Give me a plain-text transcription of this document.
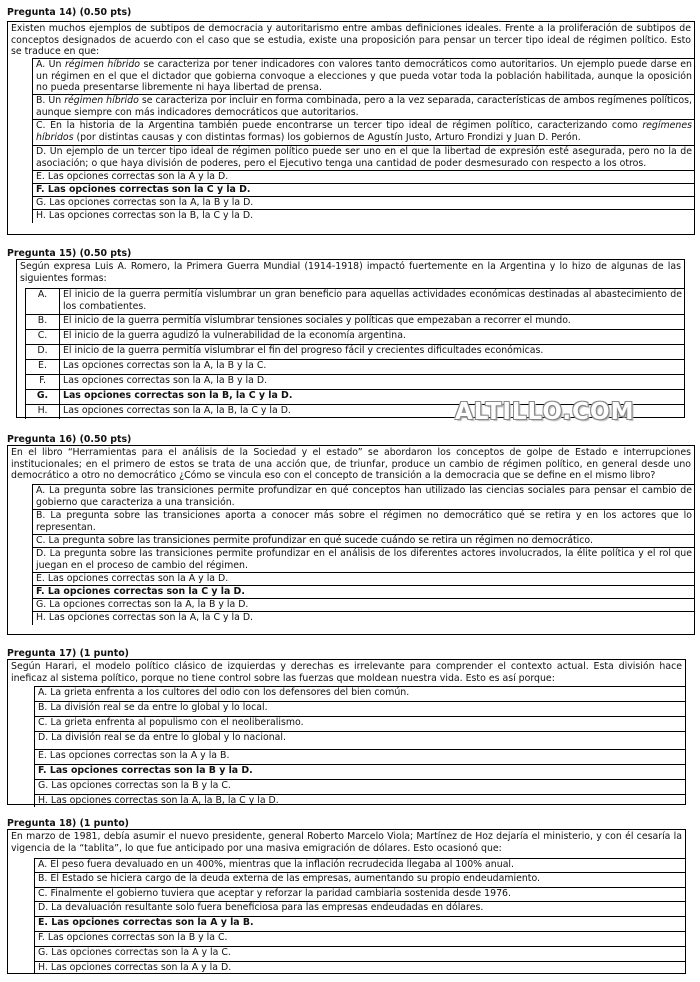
Pregunta 14) (0.50 pts)
Existen muchos ejemplos de subtipos de democracia y autoritarismo entre ambas definiciones ideales. Frente a la proliferación de subtipos de conceptos designados de acuerdo con el caso que se estudia, existe una proposición para pensar un tercer tipo ideal de régimen político. Esto se traduce en que:
A. Un régimen híbrido se caracteriza por tener indicadores con valores tanto democráticos como autoritarios. Un ejemplo puede darse en un régimen en el que el dictador que gobierna convoque a elecciones y que pueda votar toda la población habilitada, aunque la oposición no pueda presentarse libremente ni haya libertad de prensa.
B. Un régimen híbrido se caracteriza por incluir en forma combinada, pero a la vez separada, características de ambos regímenes políticos, aunque siempre con más indicadores democráticos que autoritarios.
C. En la historia de la Argentina también puede encontrarse un tercer tipo ideal de régimen político, caracterizando como regímenes híbridos (por distintas causas y con distintas formas) los gobiernos de Agustín Justo, Arturo Frondizi y Juan D. Perón.
D. Un ejemplo de un tercer tipo ideal de régimen político puede ser uno en el que la libertad de expresión esté asegurada, pero no la de asociación; o que haya división de poderes, pero el Ejecutivo tenga una cantidad de poder desmesurado con respecto a los otros.
E. Las opciones correctas son la A y la D.
F. Las opciones correctas son la C y la D.
G. Las opciones correctas son la A, la B y la D.
H. Las opciones correctas son la B, la C y la D.
Pregunta 15) (0.50 pts)
Según expresa Luis A. Romero, la Primera Guerra Mundial (1914-1918) impactó fuertemente en la Argentina y lo hizo de algunas de las siguientes formas:
A.	El inicio de la guerra permitía vislumbrar un gran beneficio para aquellas actividades económicas destinadas al abastecimiento de los combatientes.
B.	El inicio de la guerra permitía vislumbrar tensiones sociales y políticas que empezaban a recorrer el mundo.
C.	El inicio de la guerra agudizó la vulnerabilidad de la economía argentina.
D.	El inicio de la guerra permitía vislumbrar el fin del progreso fácil y crecientes dificultades económicas.
E.	Las opciones correctas son la A, la B y la C.
F.	Las opciones correctas son la A, la B y la D.
G.	Las opciones correctas son la B, la C y la D.
H.	Las opciones correctas son la A, la B, la C y la D.	ALTILLO.COM
Pregunta 16) (0.50 pts)
En el libro “Herramientas para el análisis de la Sociedad y el estado” se abordaron los conceptos de golpe de Estado e interrupciones institucionales; en el primero de estos se trata de una acción que, de triunfar, produce un cambio de régimen político, en general desde uno democrático a otro no democrático ¿Cómo se vincula eso con el concepto de transición a la democracia que se define en el mismo libro?
A. La pregunta sobre las transiciones permite profundizar en qué conceptos han utilizado las ciencias sociales para pensar el cambio de gobierno que caracteriza a una transición.
B. La pregunta sobre las transiciones aporta a conocer más sobre el régimen no democrático qué se retira y en los actores que lo representan.
C. La pregunta sobre las transiciones permite profundizar en qué sucede cuándo se retira un régimen no democrático.
D. La pregunta sobre las transiciones permite profundizar en el análisis de los diferentes actores involucrados, la élite política y el rol que juegan en el proceso de cambio del régimen.
E. Las opciones correctas son la A y la D.
F. La opciones correctas son la C y la D.
G. La opciones correctas son la A, la B y la D.
H. Las opciones correctas son la A, la C y la D.
Pregunta 17) (1 punto)
Según Harari, el modelo político clásico de izquierdas y derechas es irrelevante para comprender el contexto actual. Esta división hace ineficaz al sistema político, porque no tiene control sobre las fuerzas que moldean nuestra vida. Esto es así porque:
A. La grieta enfrenta a los cultores del odio con los defensores del bien común.
B. La división real se da entre lo global y lo local.
C. La grieta enfrenta al populismo con el neoliberalismo.
D. La división real se da entre lo global y lo nacional.
E. Las opciones correctas son la A y la B.
F. Las opciones correctas son la B y la D.
G. Las opciones correctas son la B y la C.
H. Las opciones correctas son la A, la B, la C y la D.
Pregunta 18) (1 punto)
En marzo de 1981, debía asumir el nuevo presidente, general Roberto Marcelo Viola; Martínez de Hoz dejaría el ministerio, y con él cesaría la vigencia de la “tablita”, lo que fue anticipado por una masiva emigración de dólares. Esto ocasionó que:
A. El peso fuera devaluado en un 400%, mientras que la inflación recrudecida llegaba al 100% anual.
B. El Estado se hiciera cargo de la deuda externa de las empresas, aumentando su propio endeudamiento.
C. Finalmente el gobierno tuviera que aceptar y reforzar la paridad cambiaria sostenida desde 1976.
D. La devaluación resultante solo fuera beneficiosa para las empresas endeudadas en dólares.
E. Las opciones correctas son la A y la B.
F. Las opciones correctas son la B y la C.
G. Las opciones correctas son la A y la C.
H. Las opciones correctas son la A y la D.
